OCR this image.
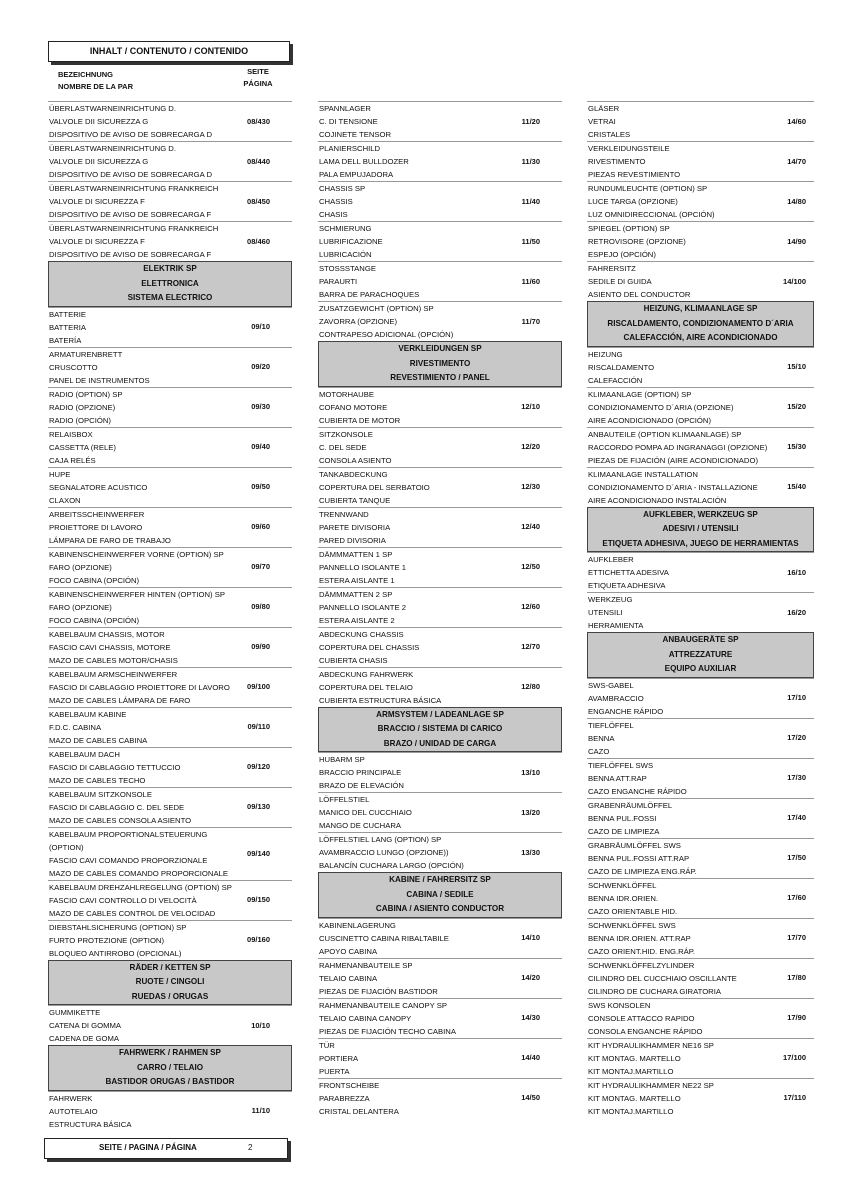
INHALT / CONTENUTO / CONTENIDO
BEZEICHNUNG
NOMBRE DE LA PAR
SEITE
PÁGINA
ÜBERLASTWARNEINRICHTUNG D.
VALVOLE DII SICUREZZA G
DISPOSITIVO DE AVISO DE SOBRECARGA D
08/430
ÜBERLASTWARNEINRICHTUNG D.
VALVOLE DII SICUREZZA G
DISPOSITIVO DE AVISO DE SOBRECARGA D
08/440
ÜBERLASTWARNEINRICHTUNG FRANKREICH
VALVOLE DI SICUREZZA F
DISPOSITIVO DE AVISO DE SOBRECARGA F
08/450
ÜBERLASTWARNEINRICHTUNG FRANKREICH
VALVOLE DI SICUREZZA F
DISPOSITIVO DE AVISO DE SOBRECARGA F
08/460
ELEKTRIK SP
ELETTRONICA
SISTEMA ELECTRICO
BATTERIE
BATTERIA
BATERÍA
09/10
ARMATURENBRETT
CRUSCOTTO
PANEL DE INSTRUMENTOS
09/20
RADIO (OPTION) SP
RADIO (OPZIONE)
RADIO (OPCIÓN)
09/30
RELAISBOX
CASSETTA (RELE)
CAJA RELÉS
09/40
HUPE
SEGNALATORE ACUSTICO
CLAXON
09/50
ARBEITSSCHEINWERFER
PROIETTORE DI LAVORO
LÁMPARA DE FARO DE TRABAJO
09/60
KABINENSCHEINWERFER VORNE (OPTION) SP
FARO (OPZIONE)
FOCO CABINA (OPCIÓN)
09/70
KABINENSCHEINWERFER HINTEN (OPTION) SP
FARO (OPZIONE)
FOCO CABINA (OPCIÓN)
09/80
KABELBAUM CHASSIS, MOTOR
FASCIO CAVI CHASSIS, MOTORE
MAZO DE CABLES MOTOR/CHASIS
09/90
KABELBAUM ARMSCHEINWERFER
FASCIO DI CABLAGGIO PROIETTORE DI LAVORO
MAZO DE CABLES LÁMPARA DE FARO
09/100
KABELBAUM KABINE
F.D.C. CABINA
MAZO DE CABLES CABINA
09/110
KABELBAUM DACH
FASCIO DI CABLAGGIO TETTUCCIO
MAZO DE CABLES TECHO
09/120
KABELBAUM SITZKONSOLE
FASCIO DI CABLAGGIO C. DEL SEDE
MAZO DE CABLES CONSOLA ASIENTO
09/130
KABELBAUM PROPORTIONALSTEUERUNG
(OPTION)
FASCIO CAVI COMANDO PROPORZIONALE
MAZO DE CABLES COMANDO PROPORCIONALE
09/140
KABELBAUM DREHZAHLREGELUNG (OPTION) SP
FASCIO CAVI CONTROLLO DI VELOCITÀ
MAZO DE CABLES CONTROL DE VELOCIDAD
09/150
DIEBSTAHLSICHERUNG (OPTION) SP
FURTO PROTEZIONE (OPTION)
BLOQUEO ANTIRROBO (OPCIONAL)
09/160
RÄDER / KETTEN SP
RUOTE / CINGOLI
RUEDAS / ORUGAS
GUMMIKETTE
CATENA DI GOMMA
CADENA DE GOMA
10/10
FAHRWERK / RAHMEN SP
CARRO / TELAIO
BASTIDOR ORUGAS / BASTIDOR
FAHRWERK
AUTOTELAIO
ESTRUCTURA BÁSICA
11/10
SPANNLAGER
C. DI TENSIONE
COJINETE TENSOR
11/20
PLANIERSCHILD
LAMA DELL BULLDOZER
PALA EMPUJADORA
11/30
CHASSIS SP
CHASSIS
CHASIS
11/40
SCHMIERUNG
LUBRIFICAZIONE
LUBRICACIÓN
11/50
STOSSSTANGE
PARAURTI
BARRA DE PARACHOQUES
11/60
ZUSATZGEWICHT (OPTION) SP
ZAVORRA (OPZIONE)
CONTRAPESO ADICIONAL (OPCIÓN)
11/70
VERKLEIDUNGEN SP
RIVESTIMENTO
REVESTIMIENTO / PANEL
MOTORHAUBE
COFANO MOTORE
CUBIERTA DE MOTOR
12/10
SITZKONSOLE
C. DEL SEDE
CONSOLA ASIENTO
12/20
TANKABDECKUNG
COPERTURA DEL SERBATOIO
CUBIERTA TANQUE
12/30
TRENNWAND
PARETE DIVISORIA
PARED DIVISORIA
12/40
DÄMMMATTEN 1 SP
PANNELLO ISOLANTE 1
ESTERA AISLANTE 1
12/50
DÄMMMATTEN 2 SP
PANNELLO ISOLANTE 2
ESTERA AISLANTE 2
12/60
ABDECKUNG CHASSIS
COPERTURA DEL CHASSIS
CUBIERTA CHASIS
12/70
ABDECKUNG FAHRWERK
COPERTURA DEL TELAIO
CUBIERTA ESTRUCTURA BÁSICA
12/80
ARMSYSTEM / LADEANLAGE SP
BRACCIO / SISTEMA DI CARICO
BRAZO / UNIDAD DE CARGA
HUBARM SP
BRACCIO PRINCIPALE
BRAZO DE ELEVACIÓN
13/10
LÖFFELSTIEL
MANICO DEL CUCCHIAIO
MANGO DE CUCHARA
13/20
LÖFFELSTIEL LANG (OPTION) SP
AVAMBRACCIO LUNGO (OPZIONE))
BALANCÍN CUCHARA LARGO (OPCIÓN)
13/30
KABINE / FAHRERSITZ SP
CABINA / SEDILE
CABINA / ASIENTO CONDUCTOR
KABINENLAGERUNG
CUSCINETTO CABINA RIBALTABILE
APOYO CABINA
14/10
RAHMENANBAUTEILE SP
TELAIO CABINA
PIEZAS DE FIJACIÓN BASTIDOR
14/20
RAHMENANBAUTEILE CANOPY SP
TELAIO CABINA CANOPY
PIEZAS DE FIJACIÓN TECHO CABINA
14/30
TÜR
PORTIERA
PUERTA
14/40
FRONTSCHEIBE
PARABREZZA
CRISTAL DELANTERA
14/50
GLÄSER
VETRAI
CRISTALES
14/60
VERKLEIDUNGSTEILE
RIVESTIMENTO
PIEZAS REVESTIMIENTO
14/70
RUNDUMLEUCHTE (OPTION) SP
LUCE TARGA (OPZIONE)
LUZ OMNIDIRECCIONAL (OPCIÓN)
14/80
SPIEGEL (OPTION) SP
RETROVISORE (OPZIONE)
ESPEJO (OPCIÓN)
14/90
FAHRERSITZ
SEDILE DI GUIDA
ASIENTO DEL CONDUCTOR
14/100
HEIZUNG, KLIMAANLAGE SP
RISCALDAMENTO, CONDIZIONAMENTO D´ARIA
CALEFACCIÓN, AIRE ACONDICIONADO
HEIZUNG
RISCALDAMENTO
CALEFACCIÓN
15/10
KLIMAANLAGE (OPTION) SP
CONDIZIONAMENTO D´ARIA (OPZIONE)
AIRE ACONDICIONADO (OPCIÓN)
15/20
ANBAUTEILE (OPTION KLIMAANLAGE) SP
RACCORDO POMPA AD INGRANAGGI (OPZIONE)
PIEZAS DE FIJACIÓN (AIRE ACONDICIONADO)
15/30
KLIMAANLAGE INSTALLATION
CONDIZIONAMENTO D´ARIA - INSTALLAZIONE
AIRE ACONDICIONADO INSTALACIÓN
15/40
AUFKLEBER, WERKZEUG SP
ADESIVI / UTENSILI
ETIQUETA ADHESIVA, JUEGO DE HERRAMIENTAS
AUFKLEBER
ETTICHETTA ADESIVA
ETIQUETA ADHESIVA
16/10
WERKZEUG
UTENSILI
HERRAMIENTA
16/20
ANBAUGERÄTE SP
ATTREZZATURE
EQUIPO AUXILIAR
SWS-GABEL
AVAMBRACCIO
ENGANCHE RÁPIDO
17/10
TIEFLÖFFEL
BENNA
CAZO
17/20
TIEFLÖFFEL SWS
BENNA ATT.RAP
CAZO ENGANCHE RÁPIDO
17/30
GRABENRÄUMLÖFFEL
BENNA PUL.FOSSI
CAZO DE LIMPIEZA
17/40
GRABRÄUMLÖFFEL SWS
BENNA PUL.FOSSI ATT.RAP
CAZO DE LIMPIEZA ENG.RÁP.
17/50
SCHWENKLÖFFEL
BENNA IDR.ORIEN.
CAZO ORIENTABLE HID.
17/60
SCHWENKLÖFFEL SWS
BENNA IDR.ORIEN. ATT.RAP
CAZO ORIENT.HID. ENG.RÁP.
17/70
SCHWENKLÖFFELZYLINDER
CILINDRO DEL CUCCHIAIO OSCILLANTE
CILINDRO DE CUCHARA GIRATORIA
17/80
SWS KONSOLEN
CONSOLE ATTACCO RAPIDO
CONSOLA ENGANCHE RÁPIDO
17/90
KIT HYDRAULIKHAMMER NE16 SP
KIT MONTAG. MARTELLO
KIT MONTAJ.MARTILLO
17/100
KIT HYDRAULIKHAMMER NE22 SP
KIT MONTAG. MARTELLO
KIT MONTAJ.MARTILLO
17/110
SEITE / PAGINA / PÁGINA	2
